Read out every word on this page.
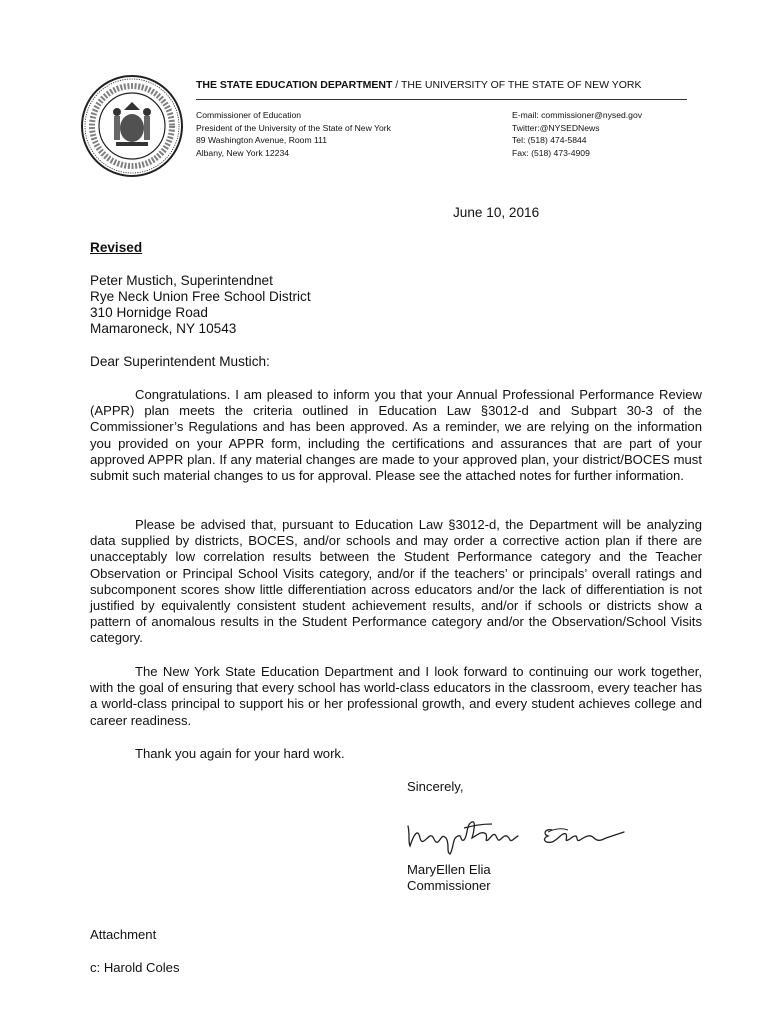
THE STATE EDUCATION DEPARTMENT / THE UNIVERSITY OF THE STATE OF NEW YORK
Commissioner of Education
President of the University of the State of New York
89 Washington Avenue, Room 111
Albany, New York 12234
E-mail: commissioner@nysed.gov
Twitter:@NYSEDNews
Tel: (518) 474-5844
Fax: (518) 473-4909
June 10, 2016
Revised
Peter Mustich, Superintendnet
Rye Neck Union Free School District
310 Hornidge Road
Mamaroneck, NY 10543
Dear Superintendent Mustich:

Congratulations. I am pleased to inform you that your Annual Professional Performance Review (APPR) plan meets the criteria outlined in Education Law §3012-d and Subpart 30-3 of the Commissioner’s Regulations and has been approved. As a reminder, we are relying on the information you provided on your APPR form, including the certifications and assurances that are part of your approved APPR plan. If any material changes are made to your approved plan, your district/BOCES must submit such material changes to us for approval. Please see the attached notes for further information.

Please be advised that, pursuant to Education Law §3012-d, the Department will be analyzing data supplied by districts, BOCES, and/or schools and may order a corrective action plan if there are unacceptably low correlation results between the Student Performance category and the Teacher Observation or Principal School Visits category, and/or if the teachers’ or principals’ overall ratings and subcomponent scores show little differentiation across educators and/or the lack of differentiation is not justified by equivalently consistent student achievement results, and/or if schools or districts show a pattern of anomalous results in the Student Performance category and/or the Observation/School Visits category.

The New York State Education Department and I look forward to continuing our work together, with the goal of ensuring that every school has world-class educators in the classroom, every teacher has a world-class principal to support his or her professional growth, and every student achieves college and career readiness.

Thank you again for your hard work.
Sincerely,
MaryEllen Elia
Commissioner
Attachment
c: Harold Coles
